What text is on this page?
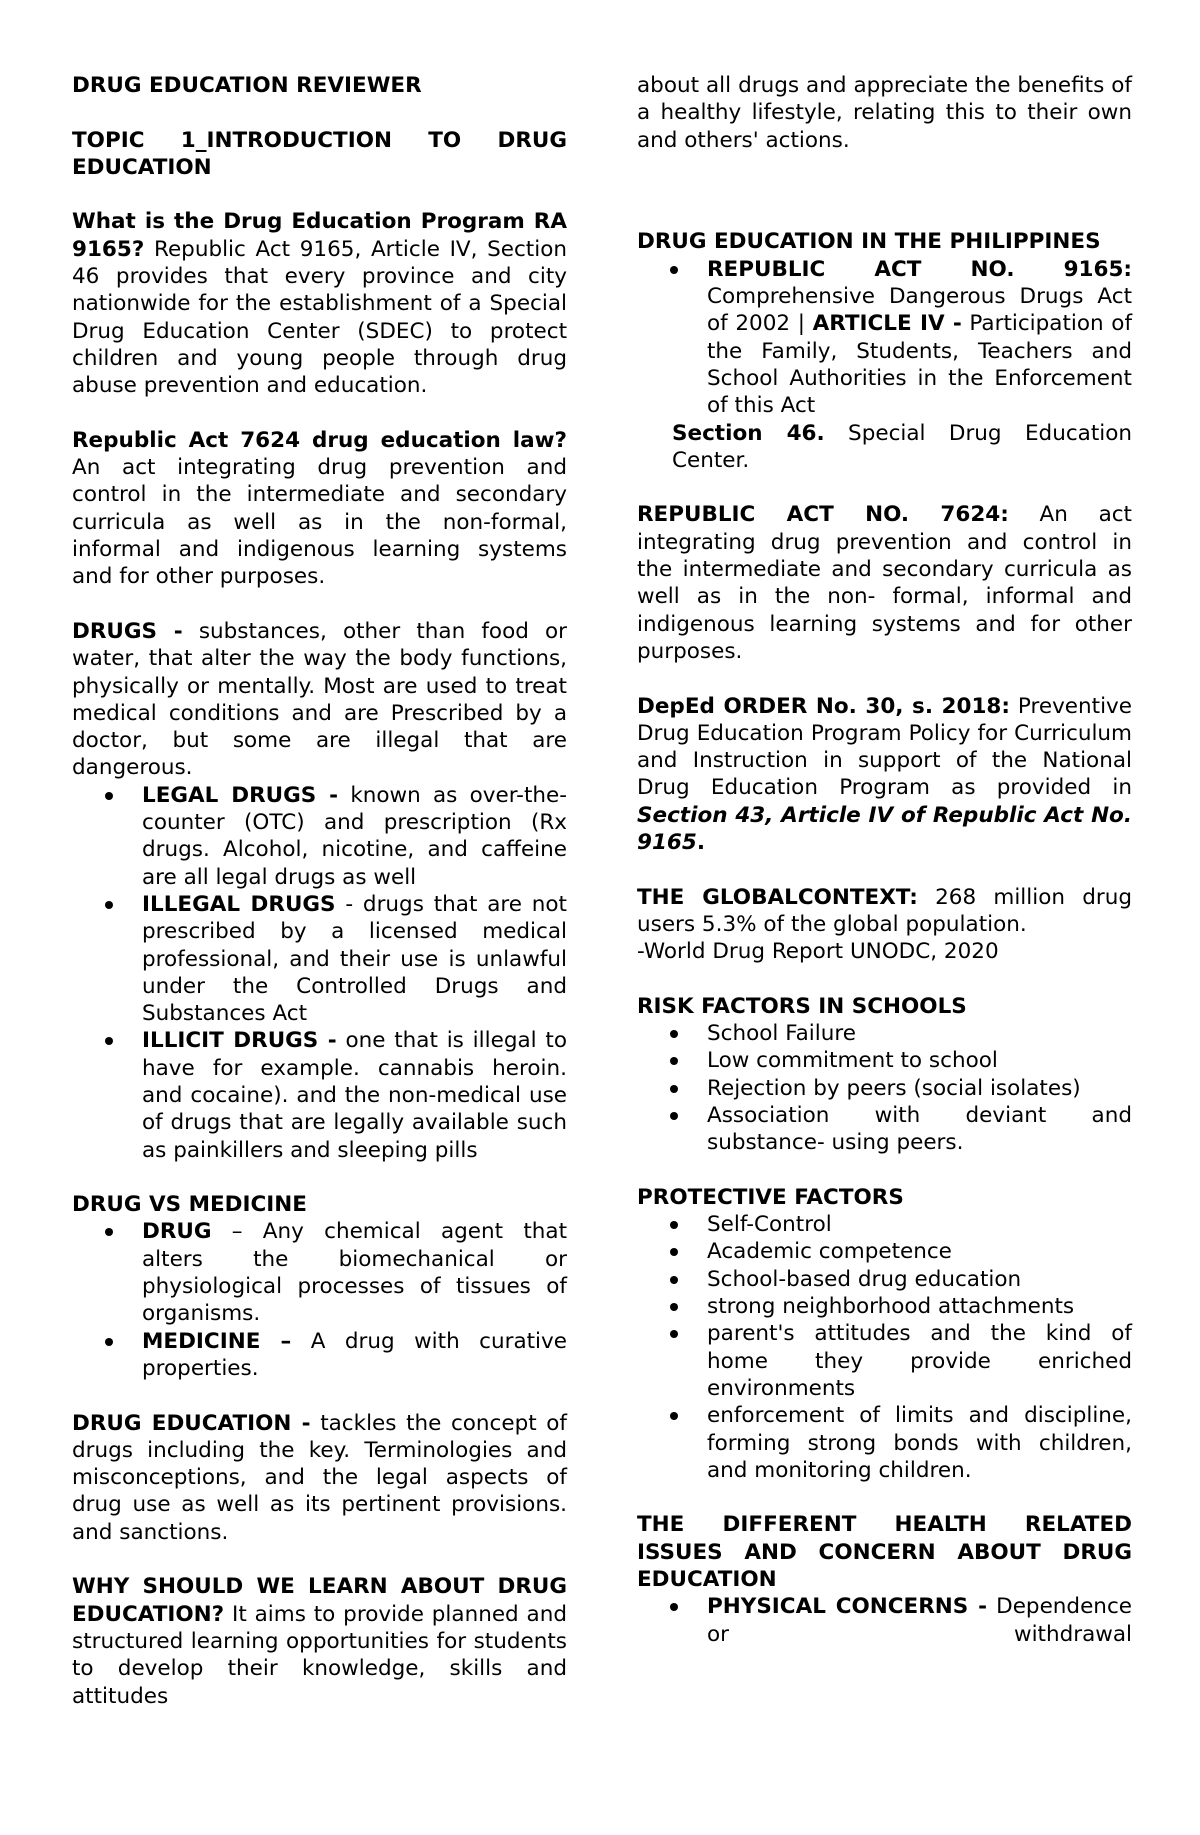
DRUG EDUCATION REVIEWER

TOPIC 1_INTRODUCTION TO DRUG EDUCATION

What is the Drug Education Program RA 9165? Republic Act 9165, Article IV, Section 46 provides that every province and city nationwide for the establishment of a Special Drug Education Center (SDEC) to protect children and young people through drug abuse prevention and education.

Republic Act 7624 drug education law? An act integrating drug prevention and control in the intermediate and secondary curricula as well as in the non-formal, informal and indigenous learning systems and for other purposes.

DRUGS - substances, other than food or water, that alter the way the body functions, physically or mentally. Most are used to treat medical conditions and are Prescribed by a doctor, but some are illegal that are dangerous.

LEGAL DRUGS - known as over-the-counter (OTC) and prescription (Rx drugs. Alcohol, nicotine, and caffeine are all legal drugs as well
ILLEGAL DRUGS - drugs that are not prescribed by a licensed medical professional, and their use is unlawful under the Controlled Drugs and Substances Act
ILLICIT DRUGS - one that is illegal to have for example. cannabis heroin. and cocaine). and the non-medical use of drugs that are legally available such as painkillers and sleeping pills

DRUG VS MEDICINE

DRUG – Any chemical agent that alters the biomechanical or physiological processes of tissues of organisms.
MEDICINE – A drug with curative properties.

DRUG EDUCATION - tackles the concept of drugs including the key. Terminologies and misconceptions, and the legal aspects of drug use as well as its pertinent provisions. and sanctions.

WHY SHOULD WE LEARN ABOUT DRUG EDUCATION? It aims to provide planned and structured learning opportunities for students to develop their knowledge, skills and attitudes

about all drugs and appreciate the benefits of a healthy lifestyle, relating this to their own and others' actions.

DRUG EDUCATION IN THE PHILIPPINES

REPUBLIC ACT NO. 9165: Comprehensive Dangerous Drugs Act of 2002 | ARTICLE IV - Participation of the Family, Students, Teachers and School Authorities in the Enforcement of this Act

Section 46. Special Drug Education Center.

REPUBLIC ACT NO. 7624: An act integrating drug prevention and control in the intermediate and secondary curricula as well as in the non- formal, informal and indigenous learning systems and for other purposes.

DepEd ORDER No. 30, s. 2018: Preventive Drug Education Program Policy for Curriculum and Instruction in support of the National Drug Education Program as provided in Section 43, Article IV of Republic Act No. 9165.

THE GLOBALCONTEXT: 268 million drug users 5.3% of the global population.

-World Drug Report UNODC, 2020

RISK FACTORS IN SCHOOLS

School Failure
Low commitment to school
Rejection by peers (social isolates)
Association with deviant and substance- using peers.

PROTECTIVE FACTORS

Self-Control
Academic competence
School-based drug education
strong neighborhood attachments
parent's attitudes and the kind of home they provide enriched environments
enforcement of limits and discipline, forming strong bonds with children, and monitoring children.

THE DIFFERENT HEALTH RELATED ISSUES AND CONCERN ABOUT DRUG EDUCATION

PHYSICAL CONCERNS - Dependence or withdrawal
